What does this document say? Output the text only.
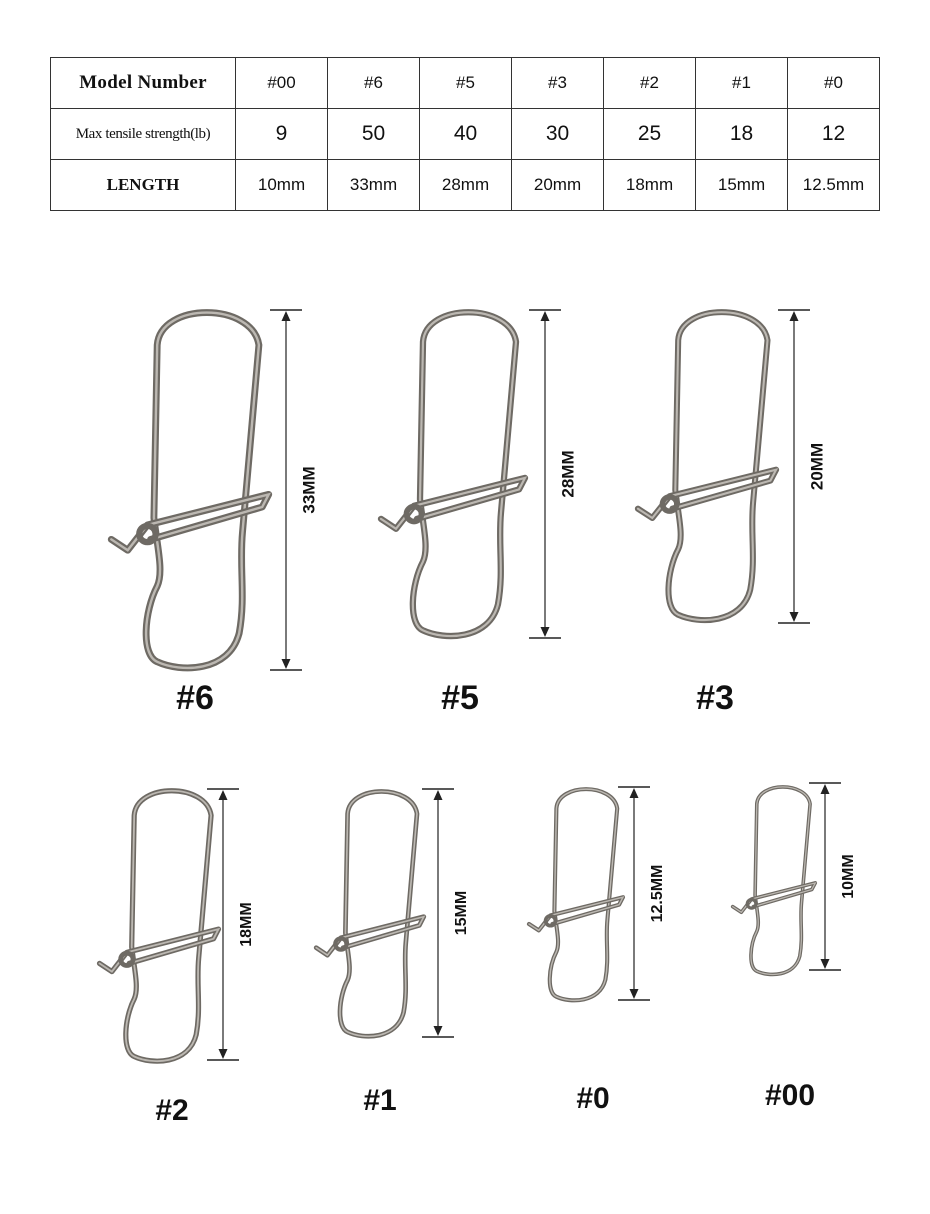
Model Number	#00	#6	#5	#3	#2	#1	#0
Max tensile strength(lb)	9	50	40	30	25	18	12
LENGTH	10mm	33mm	28mm	20mm	18mm	15mm	12.5mm
33MM
#6
28MM
#5
20MM
#3
18MM
#2
15MM
#1
12.5MM
#0
10MM
#00
